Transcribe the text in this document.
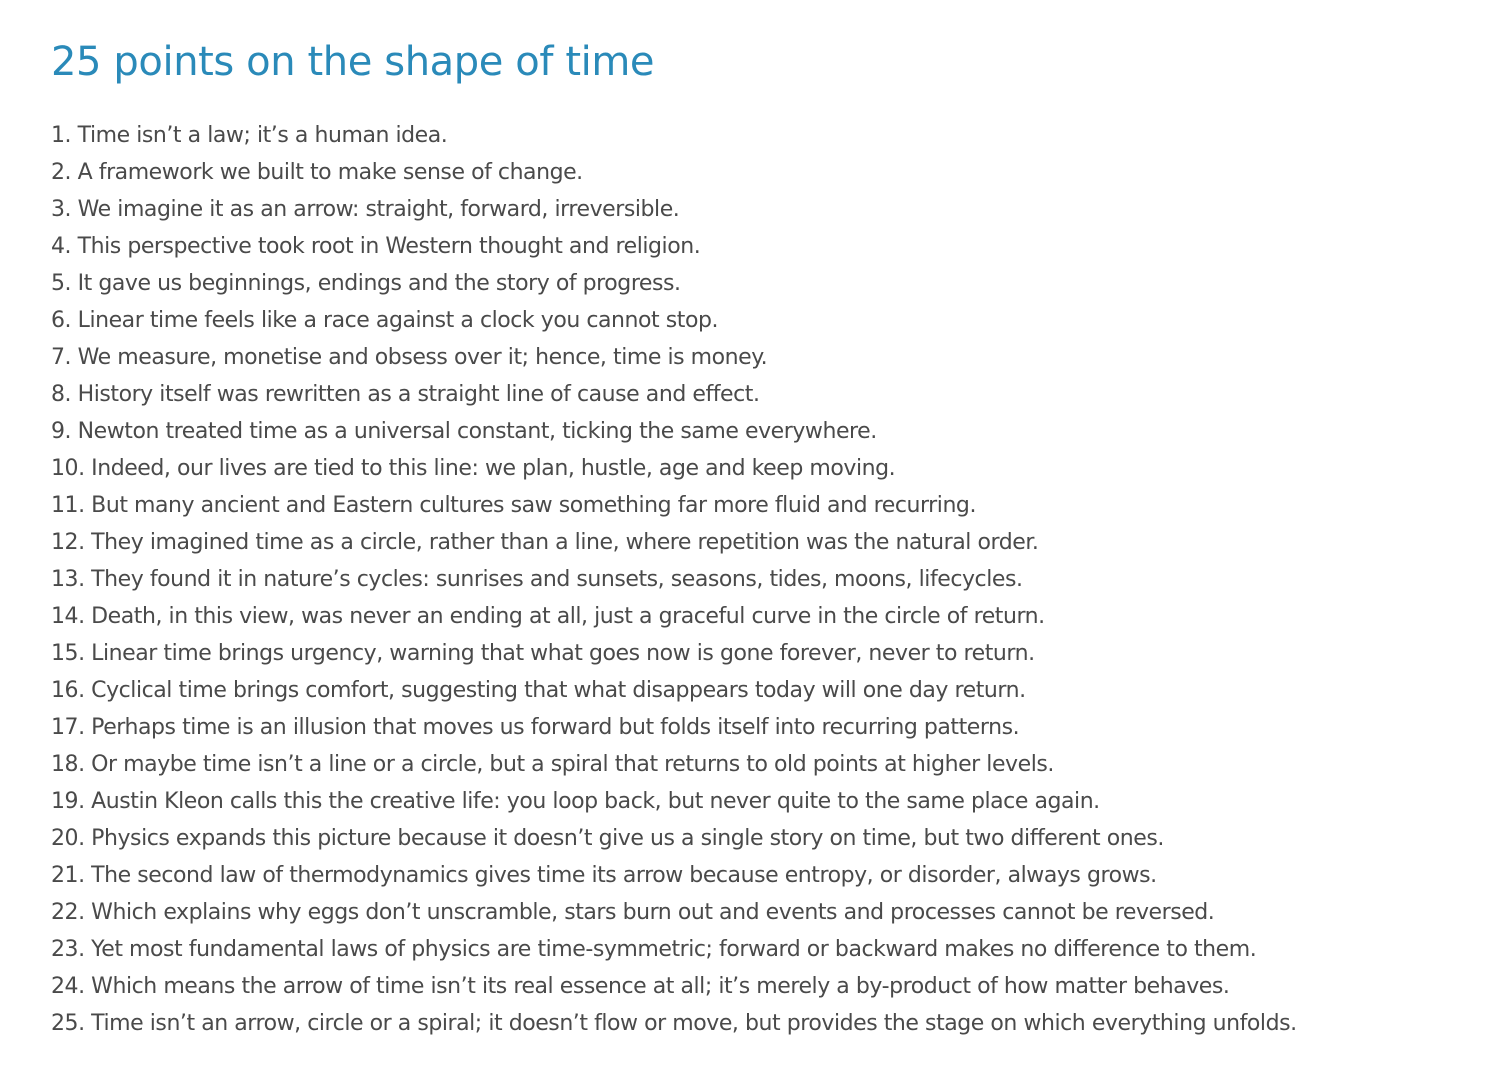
25 points on the shape of time
1. Time isn’t a law; it’s a human idea.
2. A framework we built to make sense of change.
3. We imagine it as an arrow: straight, forward, irreversible.
4. This perspective took root in Western thought and religion.
5. It gave us beginnings, endings and the story of progress.
6. Linear time feels like a race against a clock you cannot stop.
7. We measure, monetise and obsess over it; hence, time is money.
8. History itself was rewritten as a straight line of cause and effect.
9. Newton treated time as a universal constant, ticking the same everywhere.
10. Indeed, our lives are tied to this line: we plan, hustle, age and keep moving.
11. But many ancient and Eastern cultures saw something far more fluid and recurring.
12. They imagined time as a circle, rather than a line, where repetition was the natural order.
13. They found it in nature’s cycles: sunrises and sunsets, seasons, tides, moons, lifecycles.
14. Death, in this view, was never an ending at all, just a graceful curve in the circle of return.
15. Linear time brings urgency, warning that what goes now is gone forever, never to return.
16. Cyclical time brings comfort, suggesting that what disappears today will one day return.
17. Perhaps time is an illusion that moves us forward but folds itself into recurring patterns.
18. Or maybe time isn’t a line or a circle, but a spiral that returns to old points at higher levels.
19. Austin Kleon calls this the creative life: you loop back, but never quite to the same place again.
20. Physics expands this picture because it doesn’t give us a single story on time, but two different ones.
21. The second law of thermodynamics gives time its arrow because entropy, or disorder, always grows.
22. Which explains why eggs don’t unscramble, stars burn out and events and processes cannot be reversed.
23. Yet most fundamental laws of physics are time-symmetric; forward or backward makes no difference to them.
24. Which means the arrow of time isn’t its real essence at all; it’s merely a by-product of how matter behaves.
25. Time isn’t an arrow, circle or a spiral; it doesn’t flow or move, but provides the stage on which everything unfolds.
